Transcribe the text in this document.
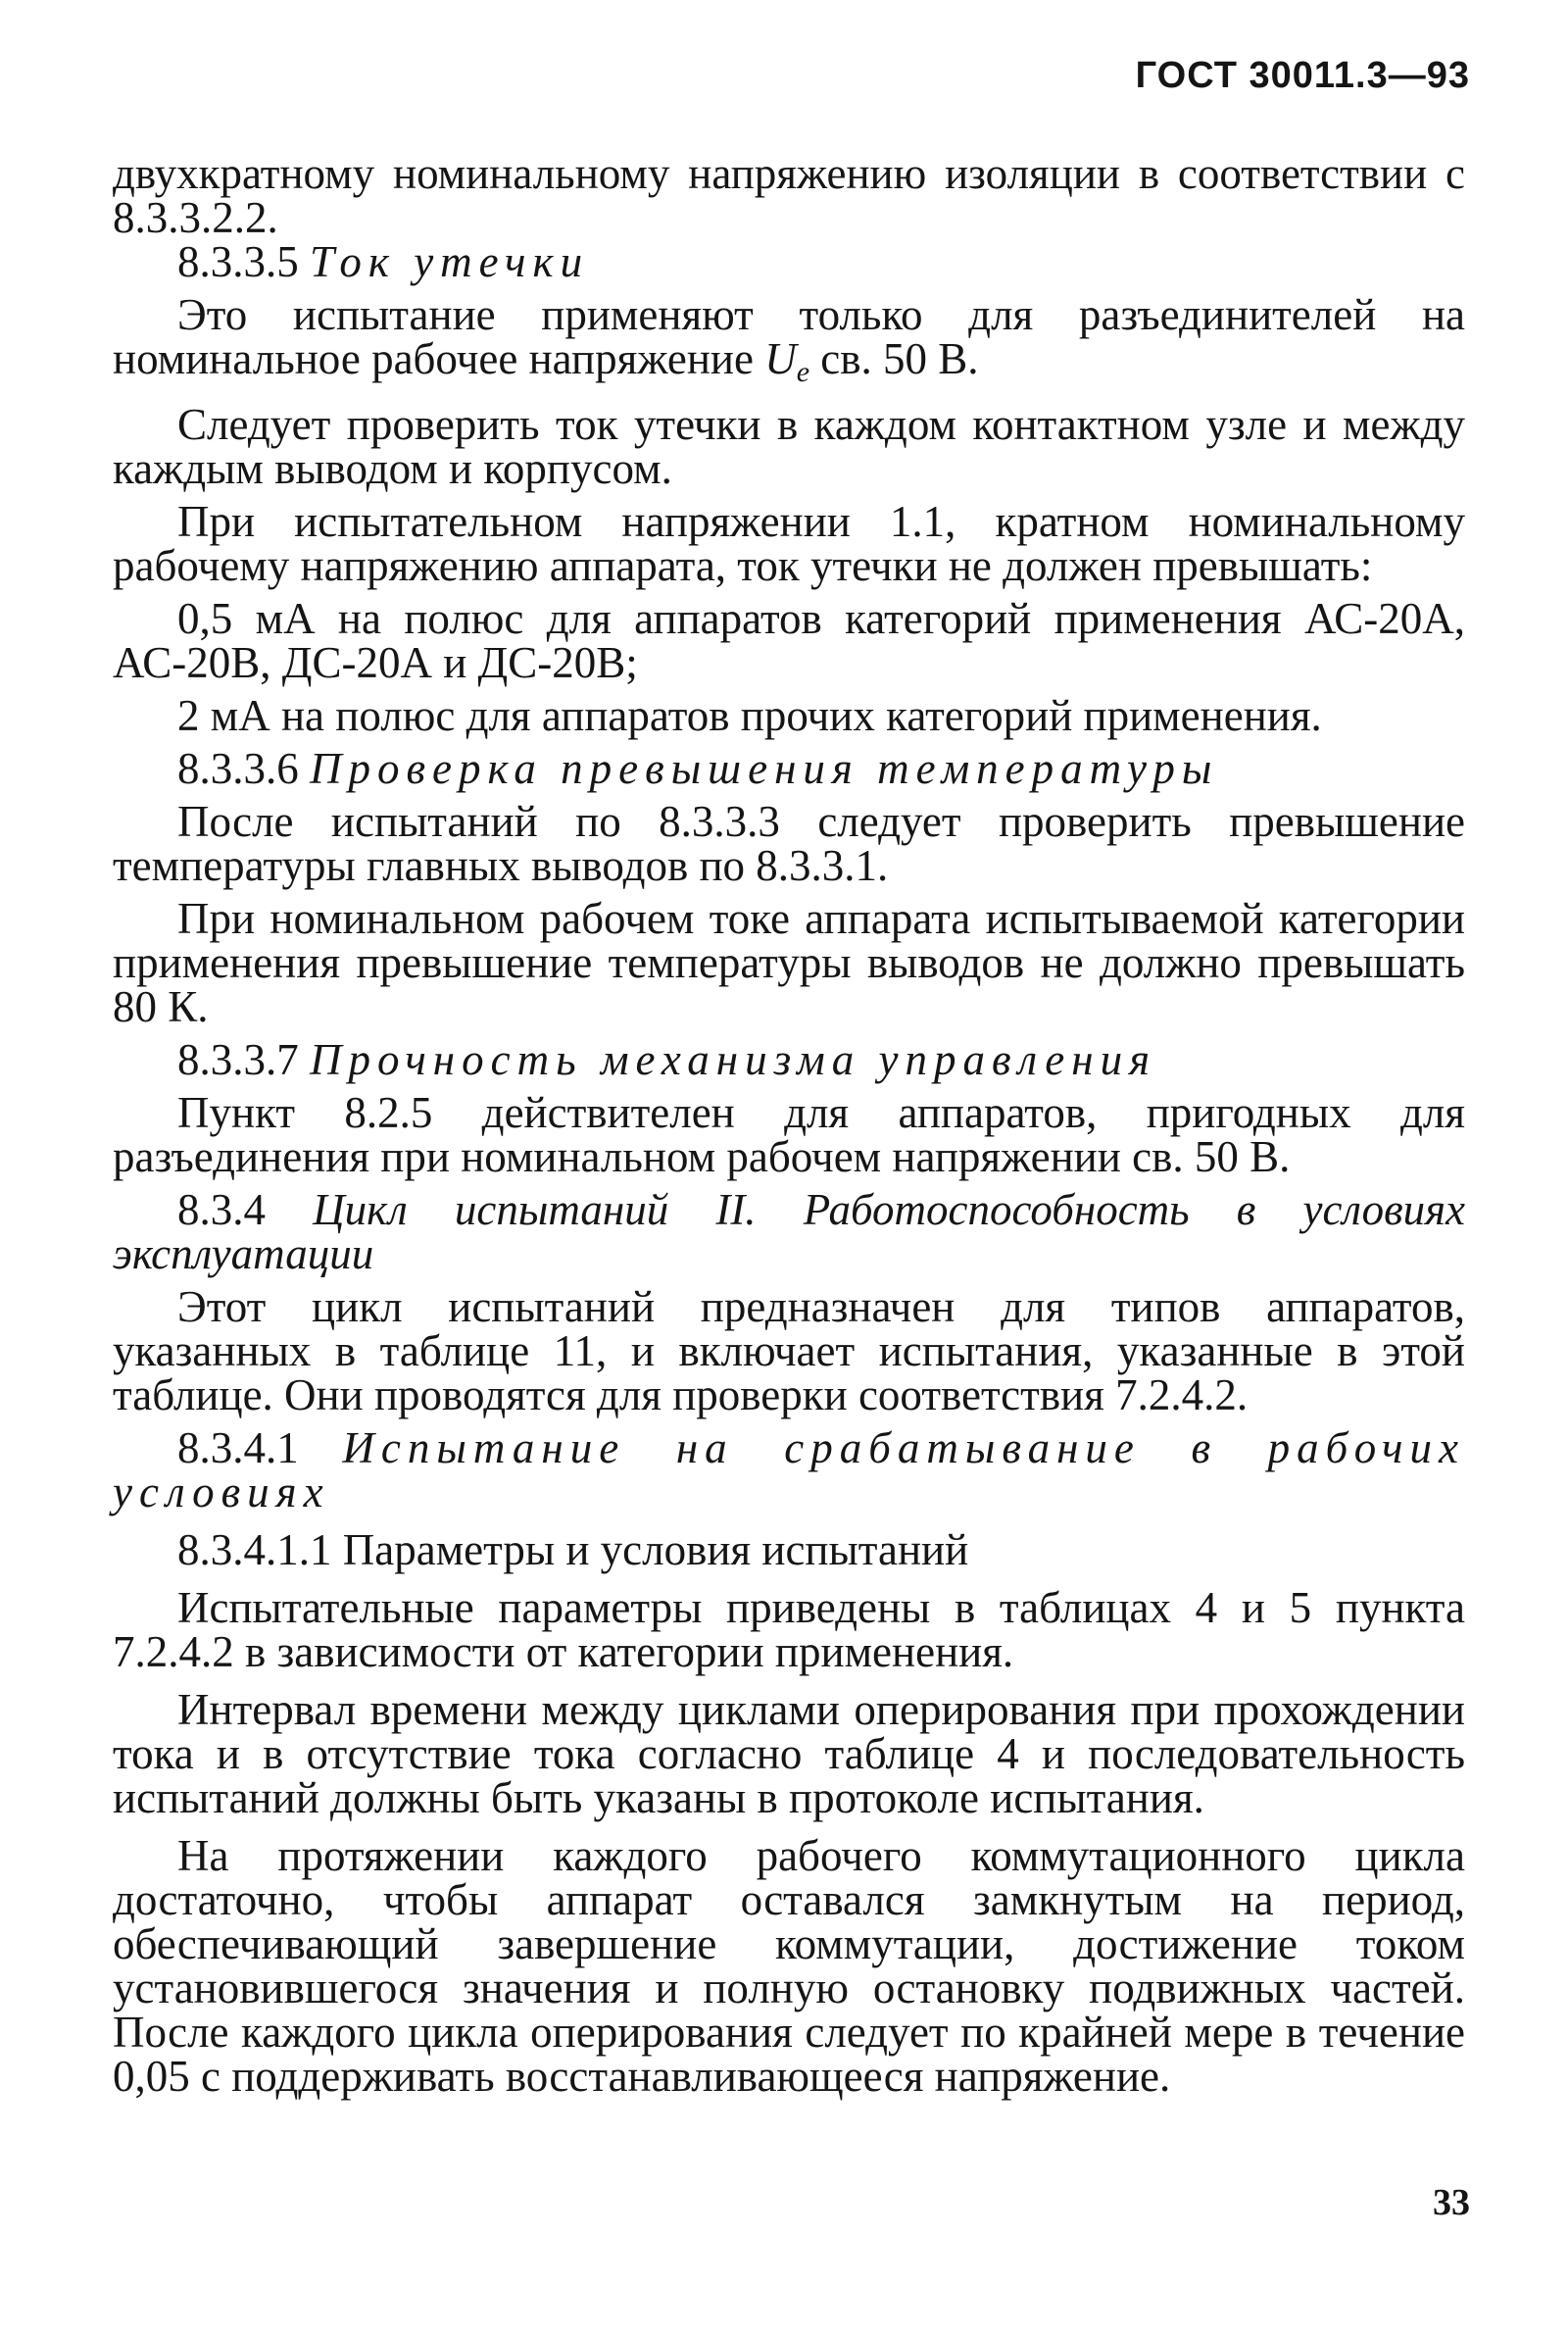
ГОСТ 30011.3—93

двухкратному номинальному напряжению изоляции в соответствии с 8.3.3.2.2.

8.3.3.5 Ток утечки

Это испытание применяют только для разъединителей на номинальное рабочее напряжение $U_e$ св. 50 В.

Следует проверить ток утечки в каждом контактном узле и между каждым выводом и корпусом.

При испытательном напряжении 1.1, кратном номинальному рабочему напряжению аппарата, ток утечки не должен превышать:

0,5 мА на полюс для аппаратов категорий применения АС-20А, АС-20В, ДС-20А и ДС-20В;

2 мА на полюс для аппаратов прочих категорий применения.

8.3.3.6 Проверка превышения температуры

После испытаний по 8.3.3.3 следует проверить превышение температуры главных выводов по 8.3.3.1.

При номинальном рабочем токе аппарата испытываемой категории применения превышение температуры выводов не должно превышать 80 К.

8.3.3.7 Прочность механизма управления

Пункт 8.2.5 действителен для аппаратов, пригодных для разъединения при номинальном рабочем напряжении св. 50 В.

8.3.4 Цикл испытаний II. Работоспособность в условиях эксплуатации

Этот цикл испытаний предназначен для типов аппаратов, указанных в таблице 11, и включает испытания, указанные в этой таблице. Они проводятся для проверки соответствия 7.2.4.2.

8.3.4.1 Испытание на срабатывание в рабочих условиях

8.3.4.1.1 Параметры и условия испытаний

Испытательные параметры приведены в таблицах 4 и 5 пункта 7.2.4.2 в зависимости от категории применения.

Интервал времени между циклами оперирования при прохождении тока и в отсутствие тока согласно таблице 4 и последовательность испытаний должны быть указаны в протоколе испытания.

На протяжении каждого рабочего коммутационного цикла достаточно, чтобы аппарат оставался замкнутым на период, обеспечивающий завершение коммутации, достижение током установившегося значения и полную остановку подвижных частей. После каждого цикла оперирования следует по крайней мере в течение 0,05 с поддерживать восстанавливающееся напряжение.

33
